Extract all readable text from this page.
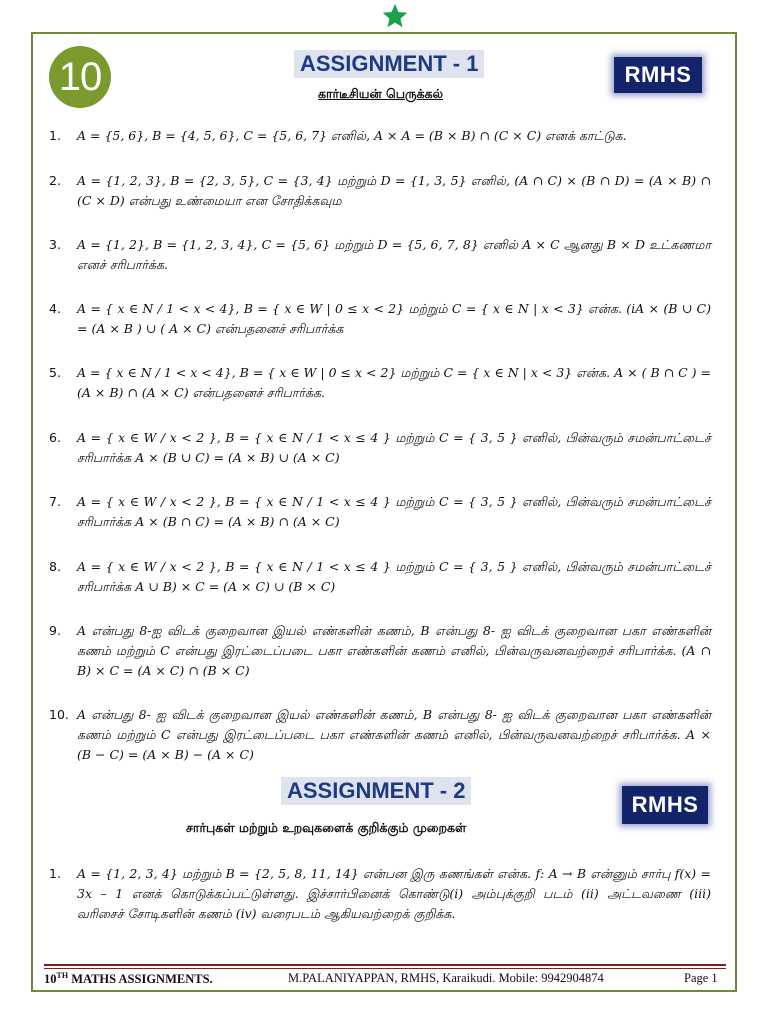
10	ASSIGNMENT - 1
கார்டீசியன் பெருக்கல்
RMHS
1. A = {5, 6}, B = {4, 5, 6}, C = {5, 6, 7} எனில், A × A = (B × B) ∩ (C × C) எனக் காட்டுக.
2. A = {1, 2, 3}, B = {2, 3, 5}, C = {3, 4} மற்றும் D = {1, 3, 5} எனில், (A ∩ C) × (B ∩ D) = (A × B) ∩ (C × D) என்பது உண்மையா என சோதிக்கவும
3. A = {1, 2}, B = {1, 2, 3, 4}, C = {5, 6} மற்றும் D = {5, 6, 7, 8} எனில் A × C ஆனது B × D உட்கணமா எனச் சரிபார்க்க.
4. A = { x ∈ N / 1 < x < 4}, B = { x ∈ W | 0 ≤ x < 2} மற்றும் C = { x ∈ N | x < 3} என்க. (iA × (B ∪ C) = (A × B ) ∪ ( A × C) என்பதனைச் சரிபார்க்க
5. A = { x ∈ N / 1 < x < 4}, B = { x ∈ W | 0 ≤ x < 2} மற்றும் C = { x ∈ N | x < 3} என்க. A × ( B ∩ C ) = (A × B) ∩ (A × C) என்பதனைச் சரிபார்க்க.
6. A = { x ∈ W / x < 2 }, B = { x ∈ N / 1 < x ≤ 4 } மற்றும் C = { 3, 5 } எனில், பின்வரும் சமன்பாட்டைச் சரிபார்க்க A × (B ∪ C) = (A × B) ∪ (A × C)
7. A = { x ∈ W / x < 2 }, B = { x ∈ N / 1 < x ≤ 4 } மற்றும் C = { 3, 5 } எனில், பின்வரும் சமன்பாட்டைச் சரிபார்க்க A × (B ∩ C) = (A × B) ∩ (A × C)
8. A = { x ∈ W / x < 2 }, B = { x ∈ N / 1 < x ≤ 4 } மற்றும் C = { 3, 5 } எனில், பின்வரும் சமன்பாட்டைச் சரிபார்க்க A ∪ B) × C = (A × C) ∪ (B × C)
9. A என்பது 8-ஐ விடக் குறைவான இயல் எண்களின் கணம், B என்பது 8- ஐ விடக் குறைவான பகா எண்களின் கணம் மற்றும் C என்பது இரட்டைப்படை பகா எண்களின் கணம் எனில், பின்வருவனவற்றைச் சரிபார்க்க. (A ∩ B) × C = (A × C) ∩ (B × C)
10. A என்பது 8- ஐ விடக் குறைவான இயல் எண்களின் கணம், B என்பது 8- ஐ விடக் குறைவான பகா எண்களின் கணம் மற்றும் C என்பது இரட்டைப்படை பகா எண்களின் கணம் எனில், பின்வருவனவற்றைச் சரிபார்க்க. A × (B − C) = (A × B) − (A × C)
ASSIGNMENT - 2
சார்புகள் மற்றும் உறவுகளைக் குறிக்கும் முறைகள்
RMHS
1. A = {1, 2, 3, 4} மற்றும் B = {2, 5, 8, 11, 14} என்பன இரு கணங்கள் என்க. f: A → B என்னும் சார்பு f(x) = 3x – 1 எனக் கொடுக்கப்பட்டுள்ளது. இச்சார்பினைக் கொண்டு(i) அம்புக்குறி படம் (ii) அட்டவணை (iii) வரிசைச் சோடிகளின் கணம் (iv) வரைபடம் ஆகியவற்றைக் குறிக்க.
10TH MATHS ASSIGNMENTS.	M.PALANIYAPPAN, RMHS, Karaikudi. Mobile: 9942904874	Page 1
